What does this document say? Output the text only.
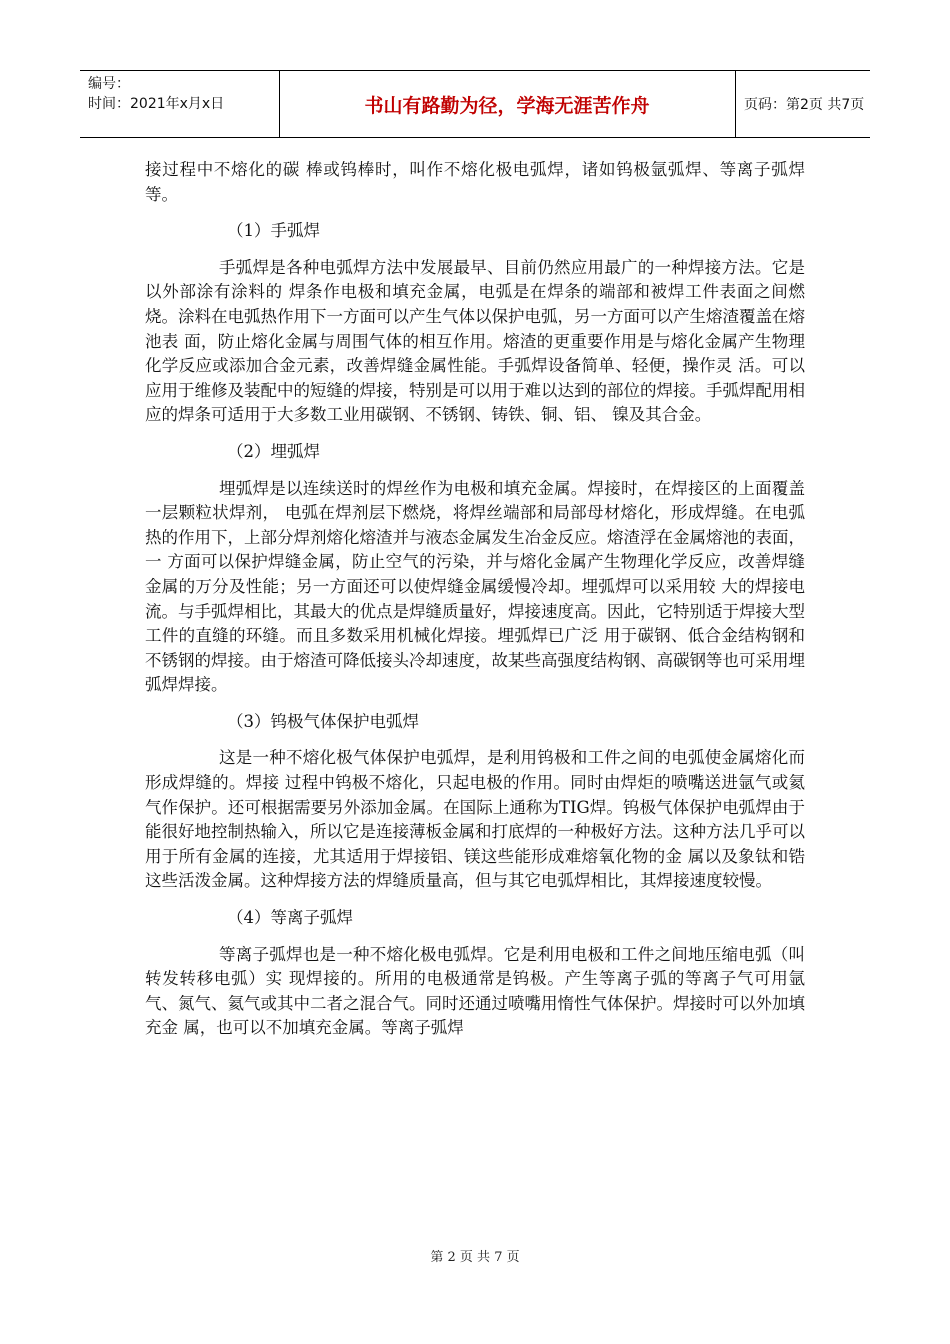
编号：
时间：2021年x月x日	书山有路勤为径，学海无涯苦作舟	页码：第2页 共7页

接过程中不熔化的碳 棒或钨棒时，叫作不熔化极电弧焊，诸如钨极氩弧焊、等离子弧焊等。

（1）手弧焊

手弧焊是各种电弧焊方法中发展最早、目前仍然应用最广的一种焊接方法。它是以外部涂有涂料的 焊条作电极和填充金属，电弧是在焊条的端部和被焊工件表面之间燃烧。涂料在电弧热作用下一方面可以产生气体以保护电弧，另一方面可以产生熔渣覆盖在熔池表 面，防止熔化金属与周围气体的相互作用。熔渣的更重要作用是与熔化金属产生物理化学反应或添加合金元素，改善焊缝金属性能。手弧焊设备简单、轻便，操作灵 活。可以应用于维修及装配中的短缝的焊接，特别是可以用于难以达到的部位的焊接。手弧焊配用相应的焊条可适用于大多数工业用碳钢、不锈钢、铸铁、铜、铝、 镍及其合金。

（2）埋弧焊

埋弧焊是以连续送时的焊丝作为电极和填充金属。焊接时，在焊接区的上面覆盖一层颗粒状焊剂， 电弧在焊剂层下燃烧，将焊丝端部和局部母材熔化，形成焊缝。在电弧热的作用下，上部分焊剂熔化熔渣并与液态金属发生冶金反应。熔渣浮在金属熔池的表面，一 方面可以保护焊缝金属，防止空气的污染，并与熔化金属产生物理化学反应，改善焊缝金属的万分及性能；另一方面还可以使焊缝金属缓慢冷却。埋弧焊可以采用较 大的焊接电流。与手弧焊相比，其最大的优点是焊缝质量好，焊接速度高。因此，它特别适于焊接大型工件的直缝的环缝。而且多数采用机械化焊接。埋弧焊已广泛 用于碳钢、低合金结构钢和不锈钢的焊接。由于熔渣可降低接头冷却速度，故某些高强度结构钢、高碳钢等也可采用埋弧焊焊接。

（3）钨极气体保护电弧焊

这是一种不熔化极气体保护电弧焊，是利用钨极和工件之间的电弧使金属熔化而形成焊缝的。焊接 过程中钨极不熔化，只起电极的作用。同时由焊炬的喷嘴送进氩气或氦气作保护。还可根据需要另外添加金属。在国际上通称为TIG焊。钨极气体保护电弧焊由于 能很好地控制热输入，所以它是连接薄板金属和打底焊的一种极好方法。这种方法几乎可以用于所有金属的连接，尤其适用于焊接铝、镁这些能形成难熔氧化物的金 属以及象钛和锆这些活泼金属。这种焊接方法的焊缝质量高，但与其它电弧焊相比，其焊接速度较慢。

（4）等离子弧焊

等离子弧焊也是一种不熔化极电弧焊。它是利用电极和工件之间地压缩电弧（叫转发转移电弧）实 现焊接的。所用的电极通常是钨极。产生等离子弧的等离子气可用氩气、氮气、氦气或其中二者之混合气。同时还通过喷嘴用惰性气体保护。焊接时可以外加填充金 属，也可以不加填充金属。等离子弧焊

第 2 页 共 7 页
